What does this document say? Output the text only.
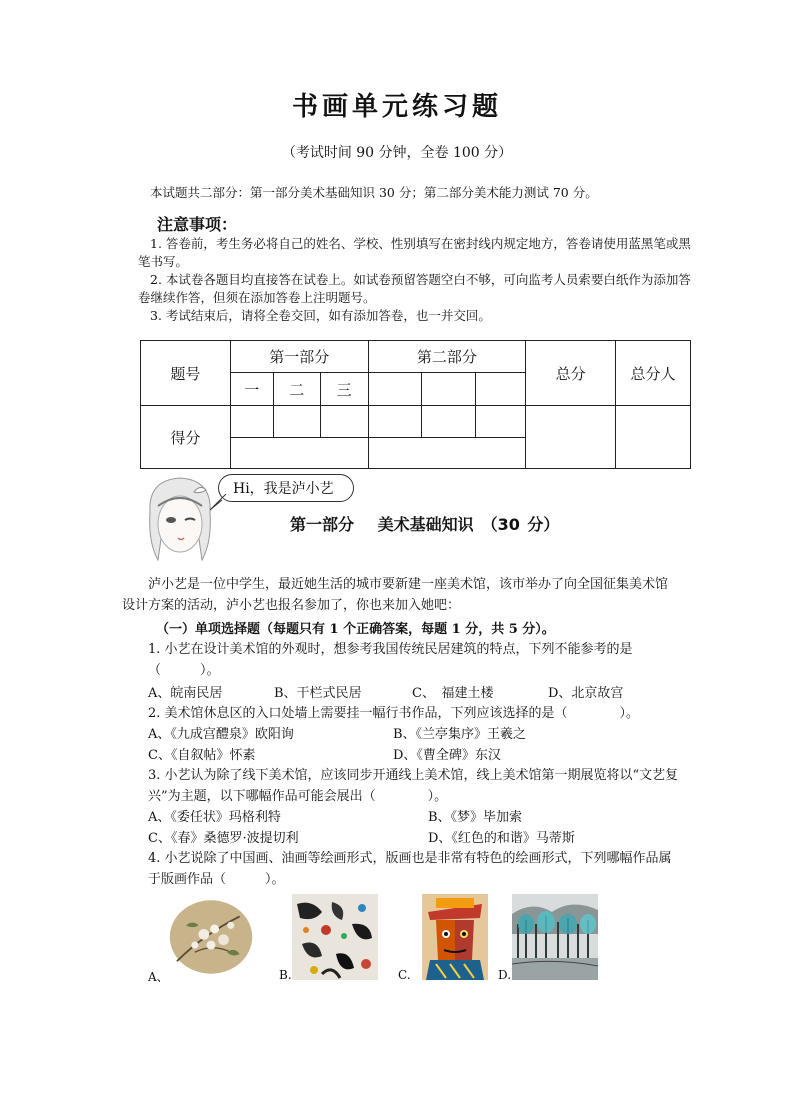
书画单元练习题
（考试时间 90 分钟，全卷 100 分）
本试题共二部分：第一部分美术基础知识 30 分；第二部分美术能力测试 70 分。
注意事项：
1. 答卷前，考生务必将自己的姓名、学校、性别填写在密封线内规定地方，答卷请使用蓝黑笔或黑笔书写。
2. 本试卷各题目均直接答在试卷上。如试卷预留答题空白不够，可向监考人员索要白纸作为添加答卷继续作答，但须在添加答卷上注明题号。
3. 考试结束后，请将全卷交回，如有添加答卷，也一并交回。
题号	第一部分			第二部分			总分	总分人
	一	二	三					
得分								

Hi，我是泸小艺
第一部分　 美术基础知识　（30 分）
泸小艺是一位中学生，最近她生活的城市要新建一座美术馆，该市举办了向全国征集美术馆设计方案的活动，泸小艺也报名参加了，你也来加入她吧：
（一）单项选择题（每题只有 1 个正确答案，每题 1 分，共 5 分）。
1. 小艺在设计美术馆的外观时，想参考我国传统民居建筑的特点，下列不能参考的是（　　　）。
A、皖南民居	B、干栏式民居	C、　福建土楼	D、北京故宫
2. 美术馆休息区的入口处墙上需要挂一幅行书作品，下列应该选择的是（　　　　）。
A、《九成宫醴泉》欧阳询	B、《兰亭集序》王羲之
C、《自叙帖》怀素	D、《曹全碑》东汉
3. 小艺认为除了线下美术馆，应该同步开通线上美术馆，线上美术馆第一期展览将以“文艺复兴”为主题，以下哪幅作品可能会展出（　　　　）。
A、《委任状》玛格利特	B、《梦》毕加索
C、《春》桑德罗·波提切利	D、《红色的和谐》马蒂斯
4. 小艺说除了中国画、油画等绘画形式，版画也是非常有特色的绘画形式，下列哪幅作品属于版画作品（　　　）。
A、	B.	C.	D.
